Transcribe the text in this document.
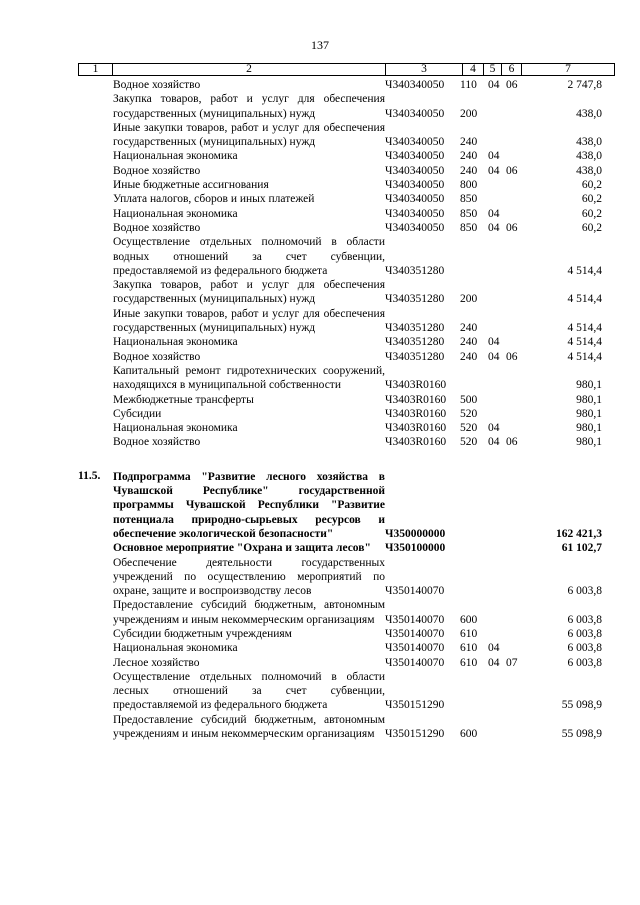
137
1	2	3	4	5	6	7
Водное хозяйство	Ч340340050 110 04 06	2 747,8
Закупка товаров, работ и услуг для обеспечения государственных (муниципальных) нужд	Ч340340050 200	438,0
Иные закупки товаров, работ и услуг для обеспечения государственных (муниципальных) нужд	Ч340340050 240	438,0
Национальная экономика	Ч340340050 240 04	438,0
Водное хозяйство	Ч340340050 240 04 06	438,0
Иные бюджетные ассигнования	Ч340340050 800	60,2
Уплата налогов, сборов и иных платежей	Ч340340050 850	60,2
Национальная экономика	Ч340340050 850 04	60,2
Водное хозяйство	Ч340340050 850 04 06	60,2
Осуществление отдельных полномочий в области водных отношений за счет субвенции, предоставляемой из федерального бюджета	Ч340351280	4 514,4
Закупка товаров, работ и услуг для обеспечения государственных (муниципальных) нужд	Ч340351280 200	4 514,4
Иные закупки товаров, работ и услуг для обеспечения государственных (муниципальных) нужд	Ч340351280 240	4 514,4
Национальная экономика	Ч340351280 240 04	4 514,4
Водное хозяйство	Ч340351280 240 04 06	4 514,4
Капитальный ремонт гидротехнических сооружений, находящихся в муниципальной собственности	Ч3403R0160	980,1
Межбюджетные трансферты	Ч3403R0160 500	980,1
Субсидии	Ч3403R0160 520	980,1
Национальная экономика	Ч3403R0160 520 04	980,1
Водное хозяйство	Ч3403R0160 520 04 06	980,1
11.5. Подпрограмма "Развитие лесного хозяйства в Чувашской Республике" государственной программы Чувашской Республики "Развитие потенциала природно-сырьевых ресурсов и обеспечение экологической безопасности"	Ч350000000	162 421,3
Основное мероприятие "Охрана и защита лесов"	Ч350100000	61 102,7
Обеспечение деятельности государственных учреждений по осуществлению мероприятий по охране, защите и воспроизводству лесов	Ч350140070	6 003,8
Предоставление субсидий бюджетным, автономным учреждениям и иным некоммерческим организациям Ч350140070 600	6 003,8
Субсидии бюджетным учреждениям	Ч350140070 610	6 003,8
Национальная экономика	Ч350140070 610 04	6 003,8
Лесное хозяйство	Ч350140070 610 04 07	6 003,8
Осуществление отдельных полномочий в области лесных отношений за счет субвенции, предоставляемой из федерального бюджета	Ч350151290	55 098,9
Предоставление субсидий бюджетным, автономным учреждениям и иным некоммерческим организациям Ч350151290 600	55 098,9
